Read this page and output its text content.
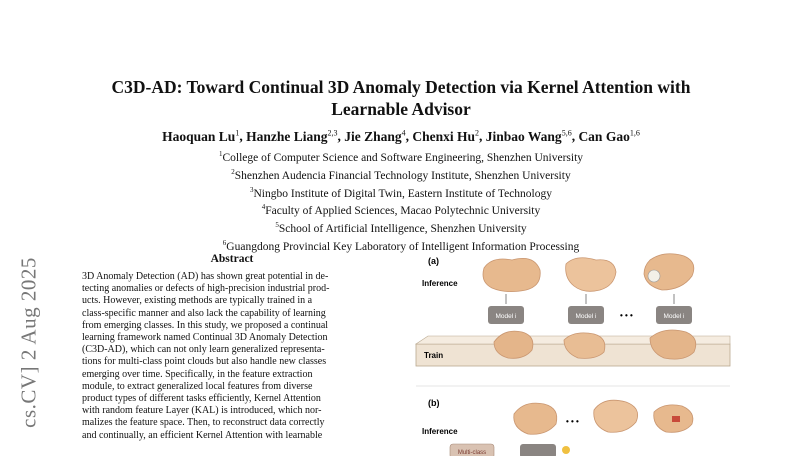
C3D-AD: Toward Continual 3D Anomaly Detection via Kernel Attention with
Learnable Advisor
Haoquan Lu$^1$, Hanzhe Liang$^{2,3}$, Jie Zhang$^4$, Chenxi Hu$^2$, Jinbao Wang$^{5,6}$, Can Gao$^{1,6}$
$^1$College of Computer Science and Software Engineering, Shenzhen University
$^2$Shenzhen Audencia Financial Technology Institute, Shenzhen University
$^3$Ningbo Institute of Digital Twin, Eastern Institute of Technology
$^4$Faculty of Applied Sciences, Macao Polytechnic University
$^5$School of Artificial Intelligence, Shenzhen University
$^6$Guangdong Provincial Key Laboratory of Intelligent Information Processing
cs.CV] 2 Aug 2025	Abstract
3D Anomaly Detection (AD) has shown great potential in de-
tecting anomalies or defects of high-precision industrial prod-
ucts. However, existing methods are typically trained in a
class-specific manner and also lack the capability of learning
from emerging classes. In this study, we proposed a continual
learning framework named Continual 3D Anomaly Detection
(C3D-AD), which can not only learn generalized representa-
tions for multi-class point clouds but also handle new classes
emerging over time. Specifically, in the feature extraction
module, to extract generalized local features from diverse
product types of different tasks efficiently, Kernel Attention
with random feature Layer (KAL) is introduced, which nor-
malizes the feature space. Then, to reconstruct data correctly
and continually, an efficient Kernel Attention with learnable
(a)
Inference
Model i	Model i	• • •	Model i
Train
(b)
Inference
• • •
Multi-class
